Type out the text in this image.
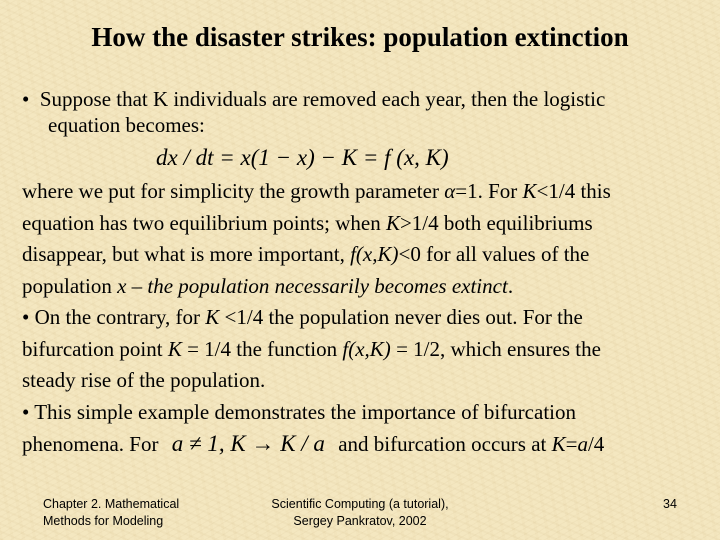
How the disaster strikes: population extinction
• Suppose that K individuals are removed each year, then the logistic
equation becomes:
dx / dt = x(1 − x) − K = f (x, K)
where we put for simplicity the growth parameter α=1. For K<1/4 this
equation has two equilibrium points; when K>1/4 both equilibriums
disappear, but what is more important, f(x,K)<0 for all values of the
population x – the population necessarily becomes extinct.
• On the contrary, for K <1/4 the population never dies out. For the
bifurcation point K = 1/4 the function f(x,K) = 1/2, which ensures the
steady rise of the population.
• This simple example demonstrates the importance of bifurcation
phenomena. For a ≠ 1, K → K / a and bifurcation occurs at K=a/4
Chapter 2. Mathematical
Methods for Modeling
Scientific Computing (a tutorial),
Sergey Pankratov, 2002
34
